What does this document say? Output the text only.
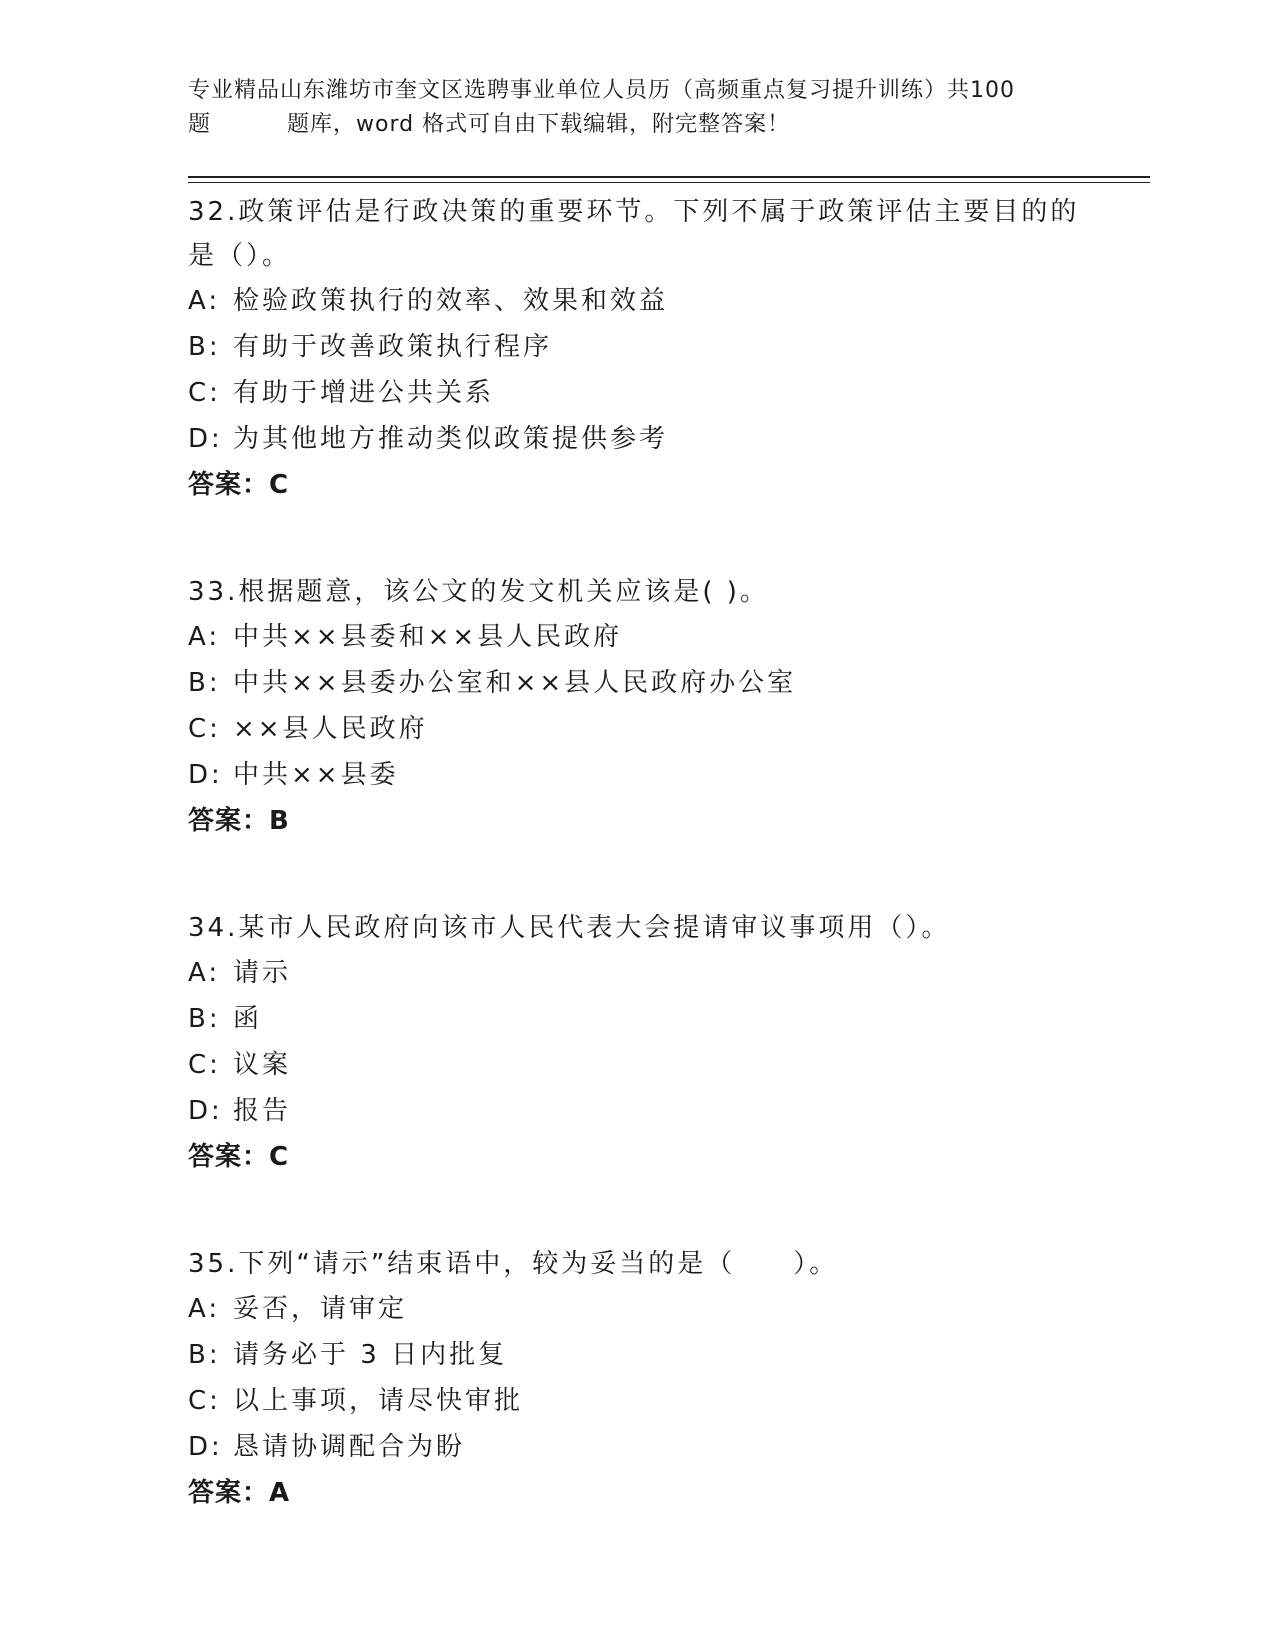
专业精品山东潍坊市奎文区选聘事业单位人员历（高频重点复习提升训练）共100
题	题库，word 格式可自由下载编辑，附完整答案！

32.政策评估是行政决策的重要环节。下列不属于政策评估主要目的的是（）。

A: 检验政策执行的效率、效果和效益
B: 有助于改善政策执行程序
C: 有助于增进公共关系
D: 为其他地方推动类似政策提供参考
答案：C

33.根据题意，该公文的发文机关应该是( )。

A: 中共××县委和××县人民政府
B: 中共××县委办公室和××县人民政府办公室
C: ××县人民政府
D: 中共××县委
答案：B

34.某市人民政府向该市人民代表大会提请审议事项用（）。

A: 请示
B: 函
C: 议案
D: 报告
答案：C

35.下列“请示”结束语中，较为妥当的是（　　）。

A: 妥否，请审定
B: 请务必于 3 日内批复
C: 以上事项，请尽快审批
D: 恳请协调配合为盼
答案：A
